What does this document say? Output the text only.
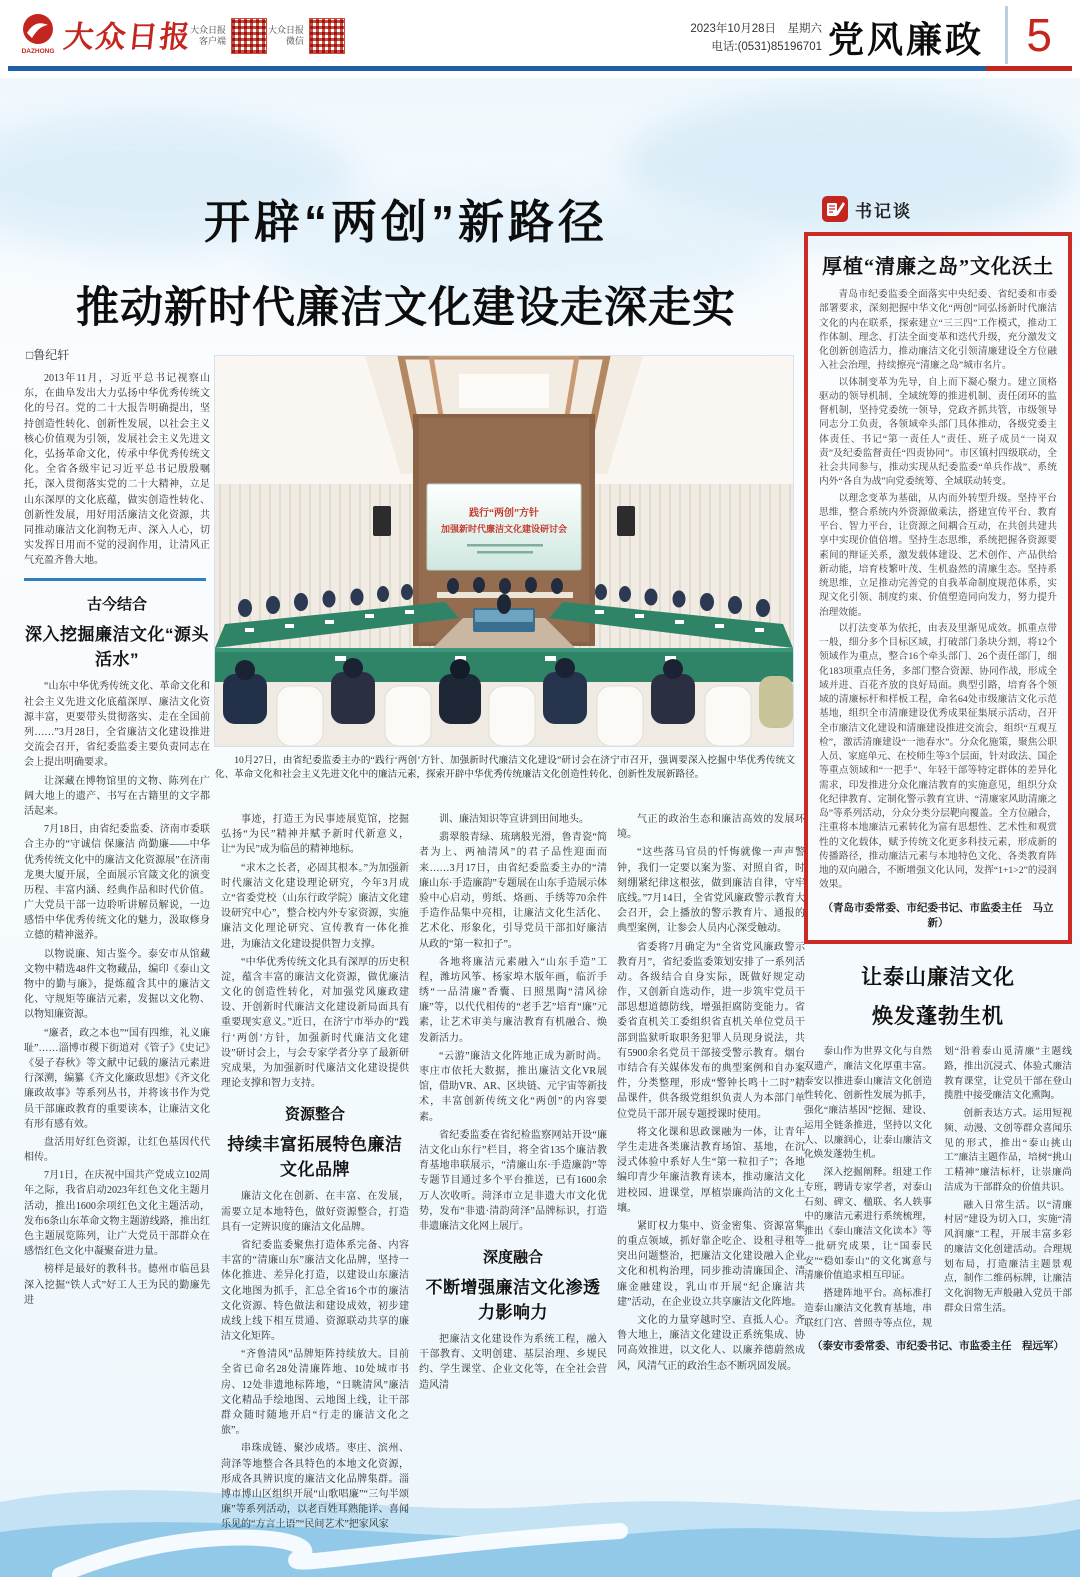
DAZHONG 大众日报
大众日报
客户端
大众日报
微信
2023年10月28日　星期六
电话:(0531)85196701 党风廉政 5
开辟“两创”新路径
推动新时代廉洁文化建设走深走实
□鲁纪轩

2013年11月，习近平总书记视察山东，在曲阜发出大力弘扬中华优秀传统文化的号召。党的二十大报告明确提出，坚持创造性转化、创新性发展，以社会主义核心价值观为引领，发展社会主义先进文化，弘扬革命文化，传承中华优秀传统文化。全省各级牢记习近平总书记殷殷嘱托，深入贯彻落实党的二十大精神，立足山东深厚的文化底蕴，做实创造性转化、创新性发展，用好用活廉洁文化资源，共同推动廉洁文化润物无声、深入人心，切实发挥日用而不觉的浸润作用，让清风正气充盈齐鲁大地。

古今结合
深入挖掘廉洁文化“源头活水”

“山东中华优秀传统文化、革命文化和社会主义先进文化底蕴深厚、廉洁文化资源丰富，更要带头贯彻落实、走在全国前列……”3月28日，全省廉洁文化建设推进交流会召开，省纪委监委主要负责同志在会上提出明确要求。

让深藏在博物馆里的文物、陈列在广阔大地上的遗产、书写在古籍里的文字都活起来。

7月18日，由省纪委监委、济南市委联合主办的“守诚信 保廉洁 尚勤廉——中华优秀传统文化中的廉洁文化资源展”在济南龙奥大厦开展，全面展示官箴文化的演变历程、丰富内涵、经典作品和时代价值。广大党员干部一边聆听讲解员解说，一边感悟中华优秀传统文化的魅力，汲取修身立德的精神滋养。

以物说廉、知古鉴今。泰安市从馆藏文物中精选48件文物藏品，编印《泰山文物中的勤与廉》，提炼蕴含其中的廉洁文化、守规矩等廉洁元素，发掘以文化物、以物知廉资源。

“廉者，政之本也”“国有四维，礼义廉耻”……淄博市稷下街道对《管子》《史记》《晏子春秋》等文献中记载的廉洁元素进行深溯，编纂《齐文化廉政思想》《齐文化廉政故事》等系列丛书，并将该书作为党员干部廉政教育的重要读本，让廉洁文化有形有感有效。

盘活用好红色资源，让红色基因代代相传。

7月1日，在庆祝中国共产党成立102周年之际，我省启动2023年红色文化主题月活动，推出1600余项红色文化主题活动，发布6条山东革命文物主题游线路，推出红色主题展览陈列，让广大党员干部群众在感悟红色文化中凝聚奋进力量。

榜样是最好的教科书。德州市临邑县深入挖掘“铁人式”好工人王为民的勤廉先进

践行“两创”方针
加强新时代廉洁文化建设研讨会

10月27日，由省纪委监委主办的“践行‘两创’方针、加强新时代廉洁文化建设”研讨会在济宁市召开，强调要深入挖掘中华优秀传统文化、革命文化和社会主义先进文化中的廉洁元素，探索开辟中华优秀传统廉洁文化创造性转化、创新性发展新路径。

事迹，打造王为民事迹展览馆，挖掘弘扬“为民”精神并赋予新时代新意义，让“为民”成为临邑的精神地标。

“求木之长者，必固其根本。”为加强新时代廉洁文化建设理论研究，今年3月成立“省委党校（山东行政学院）廉洁文化建设研究中心”，整合校内外专家资源，实施廉洁文化理论研究、宣传教育一体化推进，为廉洁文化建设提供智力支撑。

“中华优秀传统文化具有深厚的历史积淀，蕴含丰富的廉洁文化资源，做优廉洁文化的创造性转化，对加强党风廉政建设、开创新时代廉洁文化建设新局面具有重要现实意义。”近日，在济宁市举办的“践行‘两创’方针，加强新时代廉洁文化建设”研讨会上，与会专家学者分享了最新研究成果，为加强新时代廉洁文化建设提供理论支撑和智力支持。

资源整合
持续丰富拓展特色廉洁文化品牌

廉洁文化在创新、在丰富、在发展，需要立足本地特色，做好资源整合，打造具有一定辨识度的廉洁文化品牌。

省纪委监委聚焦打造体系完备、内容丰富的“清廉山东”廉洁文化品牌，坚持一体化推进、差异化打造，以建设山东廉洁文化地图为抓手，汇总全省16个市的廉洁文化资源、特色做法和建设成效，初步建成线上线下相互贯通、资源联动共享的廉洁文化矩阵。

“齐鲁清风”品牌矩阵持续放大。目前全省已命名28处清廉阵地、10处城市书房、12处非遗地标阵地，“日眺清风”廉洁文化精品手绘地图、云地图上线，让干部群众随时随地开启“行走的廉洁文化之旅”。

串珠成链、聚沙成塔。枣庄、滨州、菏泽等地整合各具特色的本地文化资源，形成各具辨识度的廉洁文化品牌集群。淄博市博山区组织开展“山歌唱廉”“三句半颂廉”等系列活动，以老百姓耳熟能详、喜闻乐见的“方言土语”“民间艺术”把家风家

训、廉洁知识等宣讲到田间地头。

翡翠般青绿、琉璃般光滑，鲁青瓷“简者为上、两袖清风”的君子品性迎面而来……3月17日，由省纪委监委主办的“清廉山东·手造廉韵”专题展在山东手造展示体验中心启动，剪纸、烙画、手绣等70余件手造作品集中亮相，让廉洁文化生活化、艺术化、形象化，引导党员干部扣好廉洁从政的“第一粒扣子”。

各地将廉洁元素融入“山东手造”工程，潍坊风筝、杨家埠木版年画，临沂手绣“一品清廉”香囊、日照黑陶“清风徐廉”等，以代代相传的“老手艺”培育“廉”元素，让艺术审美与廉洁教育有机融合、焕发新活力。

“云游”廉洁文化阵地正成为新时尚。枣庄市依托大数据，推出廉洁文化VR展馆，借助VR、AR、区块链、元宇宙等新技术，丰富创新传统文化“两创”的内容要素。

省纪委监委在省纪检监察网站开设“廉洁文化山东行”栏目，将全省135个廉洁教育基地串联展示，“清廉山东·手造廉韵”等专题节目通过多个平台推送，已有1600余万人次收听。菏泽市立足非遗大市文化优势，发布“非遗·清韵菏泽”品牌标识，打造非遗廉洁文化网上展厅。

深度融合
不断增强廉洁文化渗透力影响力

把廉洁文化建设作为系统工程，融入干部教育、文明创建、基层治理、乡规民约、学生课堂、企业文化等，在全社会营造风清

气正的政治生态和廉洁高效的发展环境。

“这些落马官员的忏悔就像一声声警钟，我们一定要以案为鉴、对照自省，时刻绷紧纪律这根弦，做到廉洁自律，守牢底线。”7月14日，全省党风廉政警示教育大会召开，会上播放的警示教育片、通报的典型案例，让参会人员内心深受触动。

省委将7月确定为“全省党风廉政警示教育月”，省纪委监委策划安排了一系列活动。各级结合自身实际，既做好规定动作，又创新自选动作，进一步筑牢党员干部思想道德防线，增强拒腐防变能力。省委省直机关工委组织省直机关单位党员干部到监狱听取职务犯罪人员现身说法，共有5900余名党员干部接受警示教育。烟台市结合有关媒体发布的典型案例和自办案件，分类整理，形成“警钟长鸣十二时”精品课件，供各级党组织负责人为本部门单位党员干部开展专题授课时使用。

将文化课和思政课融为一体，让青年学生走进各类廉洁教育场馆、基地，在沉浸式体验中系好人生“第一粒扣子”；各地编印青少年廉洁教育读本，推动廉洁文化进校园、进课堂，厚植崇廉尚洁的文化土壤。

紧盯权力集中、资金密集、资源富集的重点领域，抓好靠企吃企、设租寻租等突出问题整治，把廉洁文化建设融入企业文化和机构治理，同步推动清廉国企、清廉金融建设，乳山市开展“纪企廉洁共建”活动，在企业设立共享廉洁文化阵地。

文化的力量穿越时空、直抵人心。齐鲁大地上，廉洁文化建设正系统集成、协同高效推进，以文化人、以廉养德蔚然成风，风清气正的政治生态不断巩固发展。

书记谈
厚植“清廉之岛”文化沃土

青岛市纪委监委全面落实中央纪委、省纪委和市委部署要求，深刻把握中华文化“两创”同弘扬新时代廉洁文化的内在联系，探索建立“三三四”工作模式，推动工作体制、理念、打法全面变革和迭代升级，充分激发文化创新创造活力，推动廉洁文化引领清廉建设全方位融入社会治理，持续擦亮“清廉之岛”城市名片。

以体制变革为先导，自上而下凝心聚力。建立顶格驱动的领导机制、全域统筹的推进机制、责任闭环的监督机制，坚持党委统一领导，党政齐抓共管，市级领导同志分工负责，各领域牵头部门具体推动，各级党委主体责任、书记“第一责任人”责任、班子成员“一岗双责”及纪委监督责任“四责协同”。市区镇村四级联动，全社会共同参与，推动实现从纪委监委“单兵作战”、系统内外“各自为战”向党委统筹、全域联动转变。

以理念变革为基础，从内而外转型升级。坚持平台思维，整合系统内外资源做乘法，搭建宣传平台、教育平台、智力平台，让资源之间耦合互动，在共创共建共享中实现价值倍增。坚持生态思维，系统把握各资源要素间的辩证关系，激发载体建设、艺术创作、产品供给新动能，培育枝繁叶茂、生机盎然的清廉生态。坚持系统思维，立足推动完善党的自我革命制度规范体系，实现文化引领、制度约束、价值塑造同向发力，努力提升治理效能。

以打法变革为依托，由表及里渐见成效。抓重点带一般，细分多个目标区域，打破部门条块分割，将12个领域作为重点，整合16个牵头部门、26个责任部门，细化183项重点任务，多部门整合资源、协同作战，形成全域并进、百花齐放的良好局面。典型引路，培育各个领域的清廉标杆和样板工程，命名64处市级廉洁文化示范基地，组织全市清廉建设优秀成果征集展示活动，召开全市廉洁文化建设和清廉建设推进交流会，组织“互观互检”，激活清廉建设“一池春水”。分众化施策，聚焦公职人员、家庭单元、在校师生等3个层面，针对政法、国企等重点领域和“一把手”、年轻干部等特定群体的差异化需求，印发推进分众化廉洁教育的实施意见，组织分众化纪律教育、定制化警示教育宣讲、“清廉家风助清廉之岛”等系列活动，分众分类分层靶向覆盖。全方位融合，注重将本地廉洁元素转化为富有思想性、艺术性和观赏性的文化载体，赋予传统文化更多科技元素，形成新的传播路径，推动廉洁元素与本地特色文化、各类教育阵地的双向融合，不断增强文化认同，发挥“1+1>2”的浸润效果。

（青岛市委常委、市纪委书记、市监委主任　马立新）
让泰山廉洁文化
焕发蓬勃生机

泰山作为世界文化与自然双遗产，廉洁文化厚重丰富。泰安以推进泰山廉洁文化创造性转化、创新性发展为抓手，强化“廉洁基因”挖掘、建设、运用全链条推进，坚持以文化人、以廉润心，让泰山廉洁文化焕发蓬勃生机。

深入挖掘阐释。组建工作专班，聘请专家学者，对泰山石刻、碑文、楹联、名人轶事中的廉洁元素进行系统梳理，推出《泰山廉洁文化读本》等一批研究成果，让“国泰民安”“稳如泰山”的文化寓意与清廉价值追求相互印证。

搭建阵地平台。高标准打造泰山廉洁文化教育基地，串联红门宫、普照寺等点位，规划“沿着泰山觅清廉”主题线路，推出沉浸式、体验式廉洁教育课堂，让党员干部在登山揽胜中接受廉洁文化熏陶。

创新表达方式。运用短视频、动漫、文创等群众喜闻乐见的形式，推出“泰山挑山工”廉洁主题作品，培树“挑山工精神”廉洁标杆，让崇廉尚洁成为干部群众的价值共识。

融入日常生活。以“清廉村居”建设为切入口，实施“清风润廉”工程，开展丰富多彩的廉洁文化创建活动。合理规划布局，打造廉洁主题景观点，制作二维码标牌，让廉洁文化润物无声般融入党员干部群众日常生活。

（泰安市委常委、市纪委书记、市监委主任　程远军）
